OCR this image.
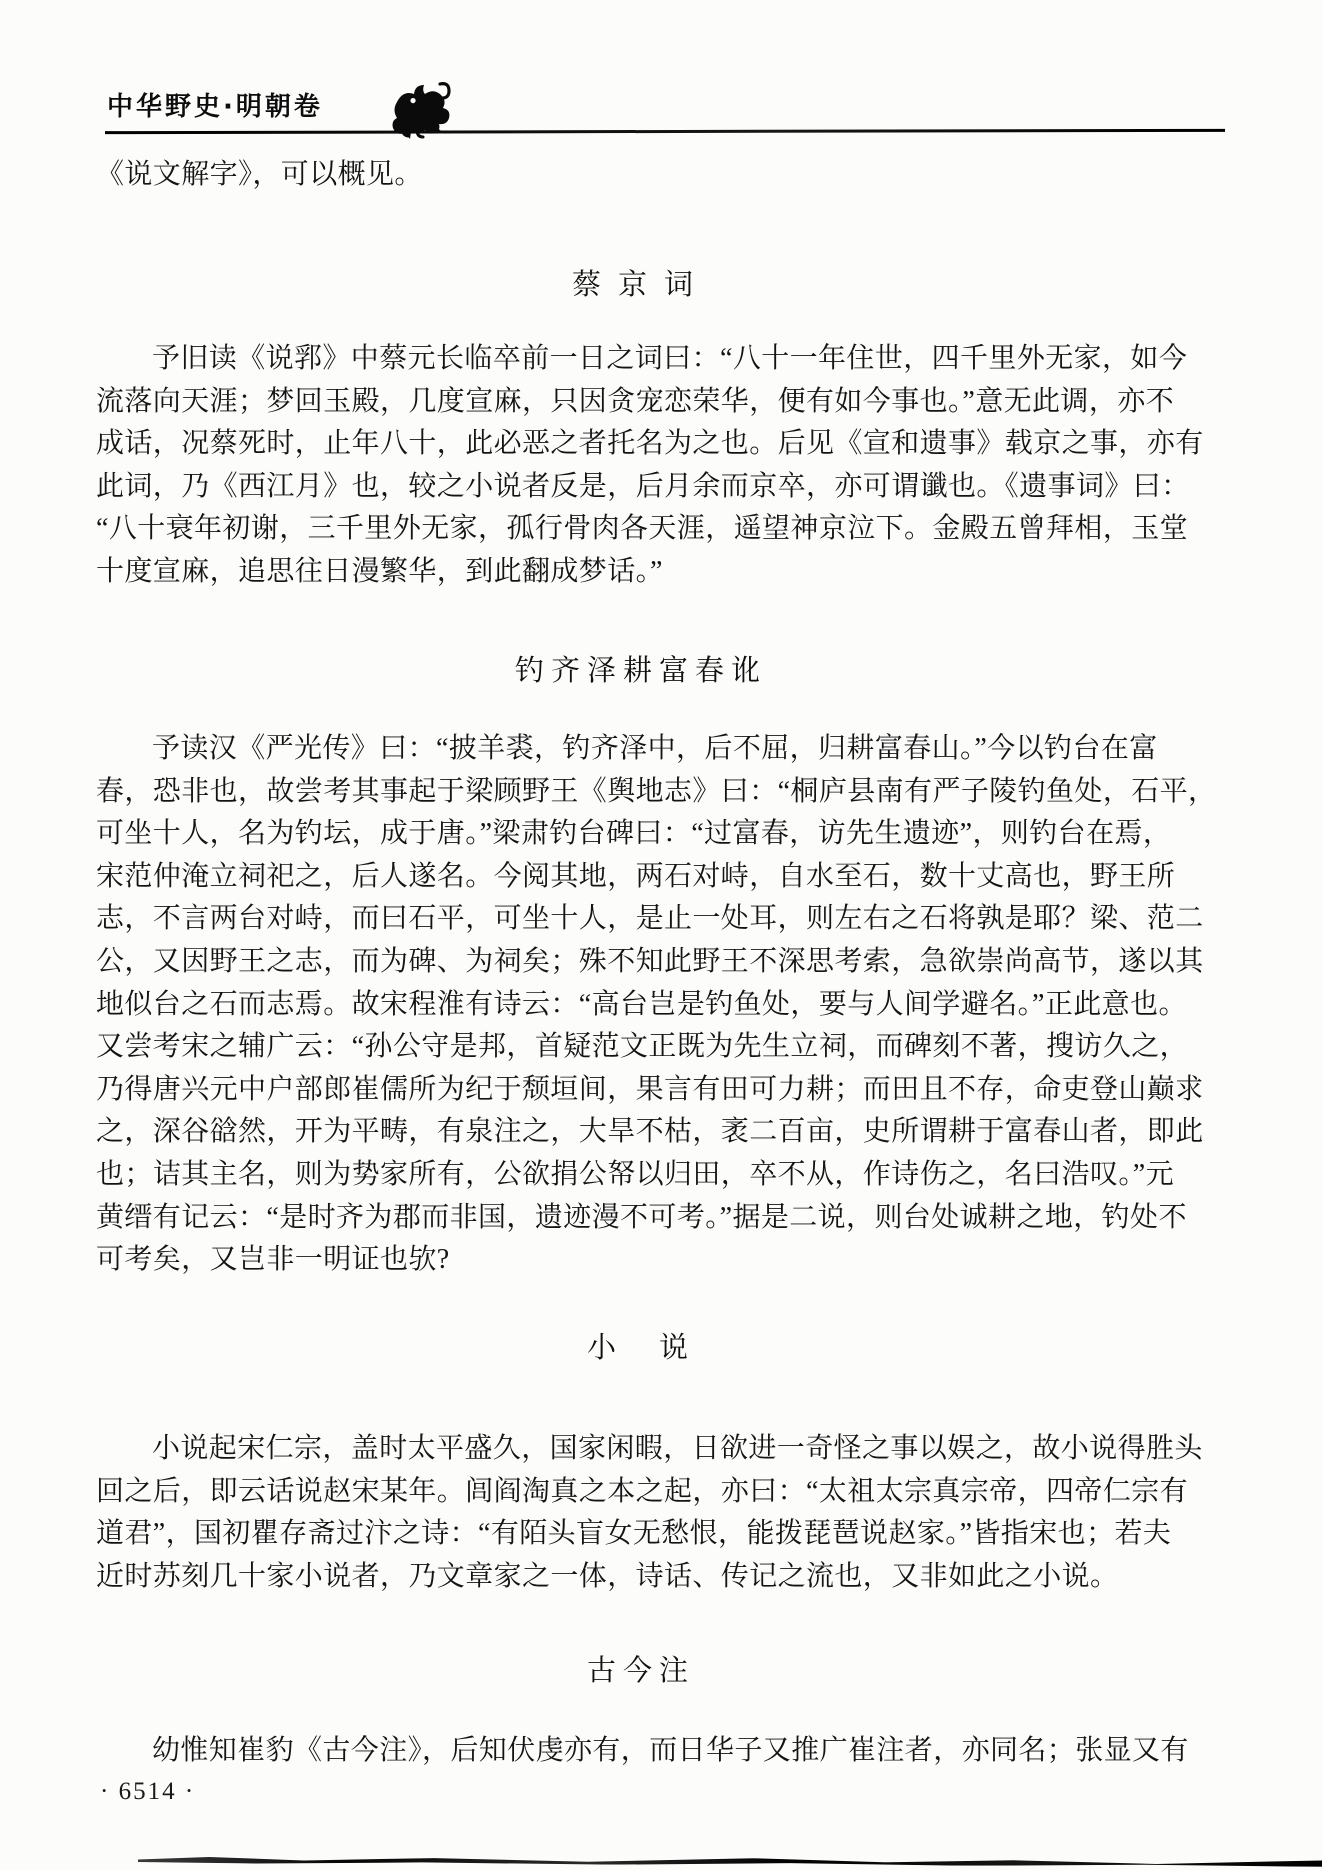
中华野史·明朝卷
《说文解字》，可以概见。
蔡京词
予旧读《说郛》中蔡元长临卒前一日之词曰：“八十一年住世，四千里外无家，如今
流落向天涯；梦回玉殿，几度宣麻，只因贪宠恋荣华，便有如今事也。”意无此调，亦不
成话，况蔡死时，止年八十，此必恶之者托名为之也。后见《宣和遗事》载京之事，亦有
此词，乃《西江月》也，较之小说者反是，后月余而京卒，亦可谓谶也。《遗事词》曰：
“八十衰年初谢，三千里外无家，孤行骨肉各天涯，遥望神京泣下。金殿五曾拜相，玉堂
十度宣麻，追思往日漫繁华，到此翻成梦话。”
钓齐泽耕富春讹
予读汉《严光传》曰：“披羊裘，钓齐泽中，后不屈，归耕富春山。”今以钓台在富
春，恐非也，故尝考其事起于梁顾野王《舆地志》曰：“桐庐县南有严子陵钓鱼处，石平，
可坐十人，名为钓坛，成于唐。”梁肃钓台碑曰：“过富春，访先生遗迹”，则钓台在焉，
宋范仲淹立祠祀之，后人遂名。今阅其地，两石对峙，自水至石，数十丈高也，野王所
志，不言两台对峙，而曰石平，可坐十人，是止一处耳，则左右之石将孰是耶？梁、范二
公，又因野王之志，而为碑、为祠矣；殊不知此野王不深思考索，急欲崇尚高节，遂以其
地似台之石而志焉。故宋程淮有诗云：“高台岂是钓鱼处，要与人间学避名。”正此意也。
又尝考宋之辅广云：“孙公守是邦，首疑范文正既为先生立祠，而碑刻不著，搜访久之，
乃得唐兴元中户部郎崔儒所为纪于颓垣间，果言有田可力耕；而田且不存，命吏登山巅求
之，深谷谽然，开为平畴，有泉注之，大旱不枯，袤二百亩，史所谓耕于富春山者，即此
也；诘其主名，则为势家所有，公欲捐公帑以归田，卒不从，作诗伤之，名曰浩叹。”元
黄缙有记云：“是时齐为郡而非国，遗迹漫不可考。”据是二说，则台处诚耕之地，钓处不
可考矣，又岂非一明证也欤?
小　说
小说起宋仁宗，盖时太平盛久，国家闲暇，日欲进一奇怪之事以娱之，故小说得胜头
回之后，即云话说赵宋某年。闾阎淘真之本之起，亦曰：“太祖太宗真宗帝，四帝仁宗有
道君”，国初瞿存斋过汴之诗：“有陌头盲女无愁恨，能拨琵琶说赵家。”皆指宋也；若夫
近时苏刻几十家小说者，乃文章家之一体，诗话、传记之流也，又非如此之小说。
古今注
幼惟知崔豹《古今注》，后知伏虔亦有，而日华子又推广崔注者，亦同名；张显又有
· 6514 ·
